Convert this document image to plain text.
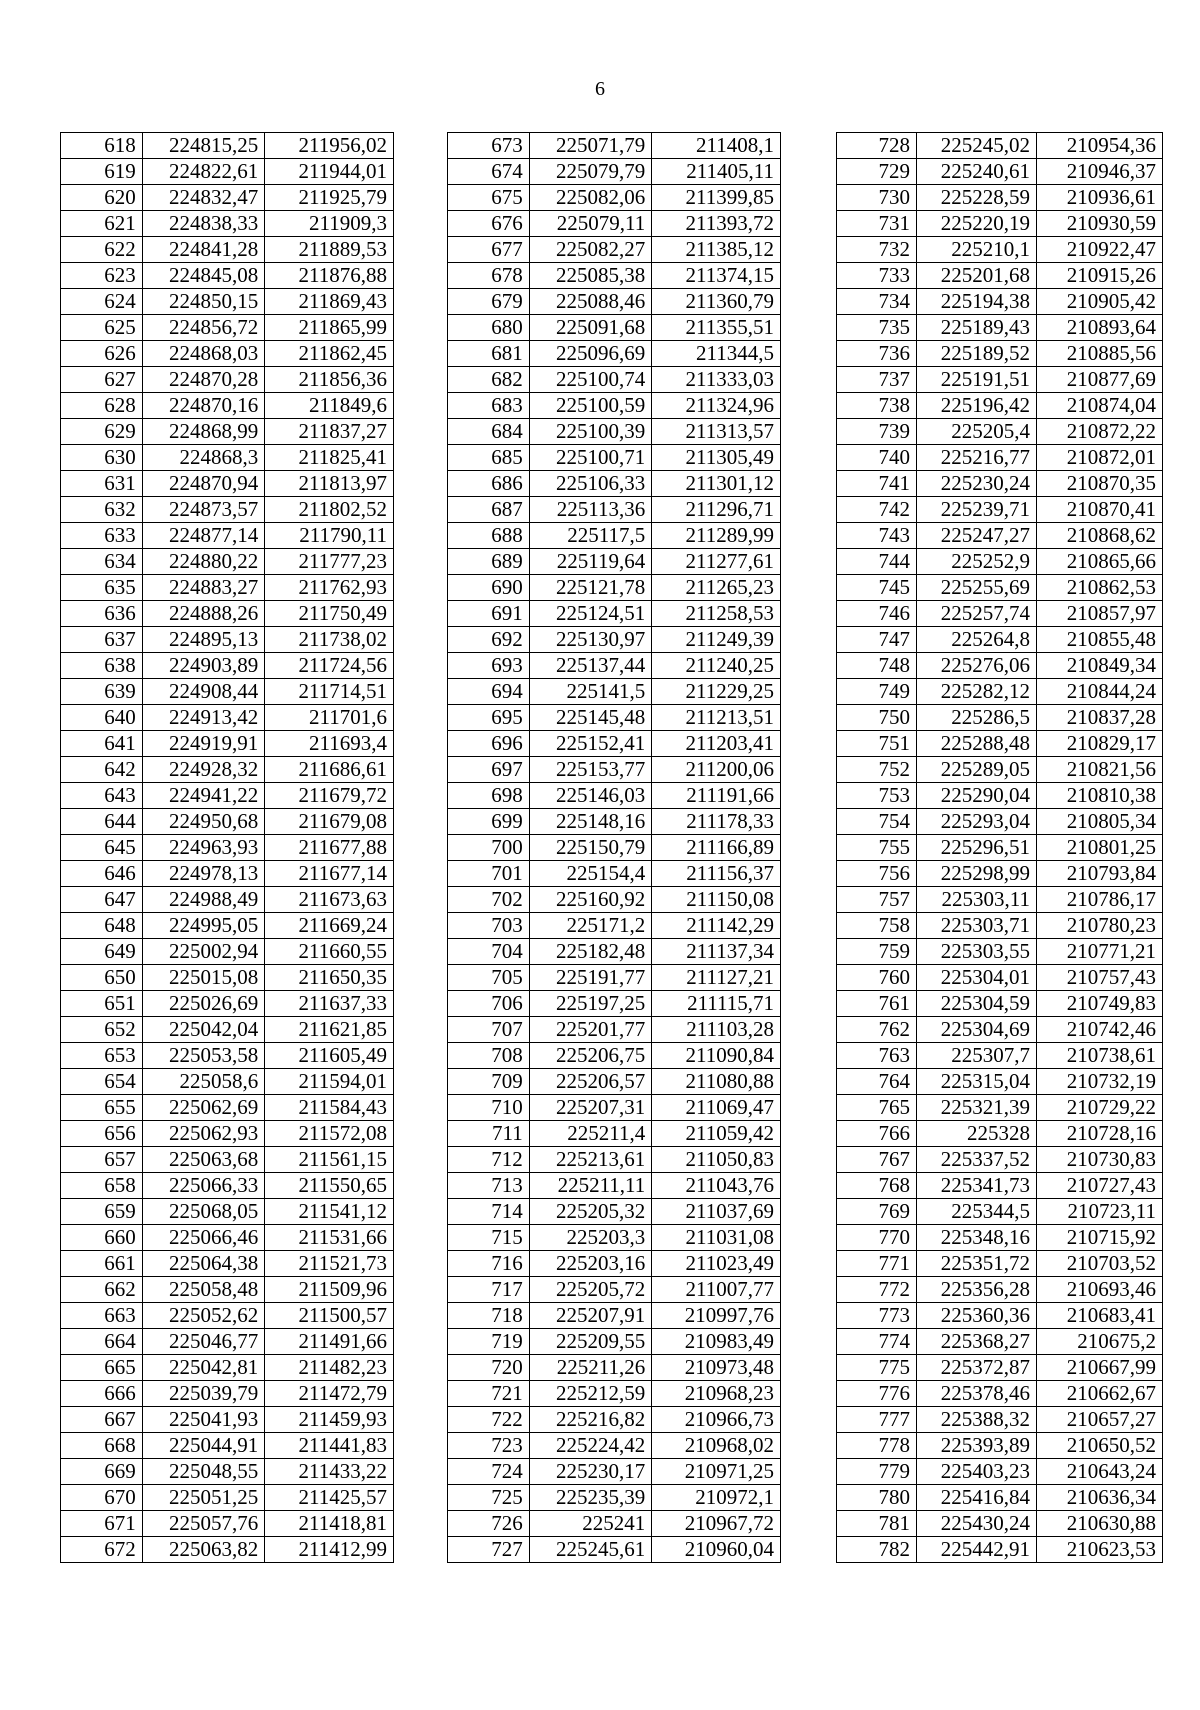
6
618	224815,25	211956,02
619	224822,61	211944,01
620	224832,47	211925,79
621	224838,33	211909,3
622	224841,28	211889,53
623	224845,08	211876,88
624	224850,15	211869,43
625	224856,72	211865,99
626	224868,03	211862,45
627	224870,28	211856,36
628	224870,16	211849,6
629	224868,99	211837,27
630	224868,3	211825,41
631	224870,94	211813,97
632	224873,57	211802,52
633	224877,14	211790,11
634	224880,22	211777,23
635	224883,27	211762,93
636	224888,26	211750,49
637	224895,13	211738,02
638	224903,89	211724,56
639	224908,44	211714,51
640	224913,42	211701,6
641	224919,91	211693,4
642	224928,32	211686,61
643	224941,22	211679,72
644	224950,68	211679,08
645	224963,93	211677,88
646	224978,13	211677,14
647	224988,49	211673,63
648	224995,05	211669,24
649	225002,94	211660,55
650	225015,08	211650,35
651	225026,69	211637,33
652	225042,04	211621,85
653	225053,58	211605,49
654	225058,6	211594,01
655	225062,69	211584,43
656	225062,93	211572,08
657	225063,68	211561,15
658	225066,33	211550,65
659	225068,05	211541,12
660	225066,46	211531,66
661	225064,38	211521,73
662	225058,48	211509,96
663	225052,62	211500,57
664	225046,77	211491,66
665	225042,81	211482,23
666	225039,79	211472,79
667	225041,93	211459,93
668	225044,91	211441,83
669	225048,55	211433,22
670	225051,25	211425,57
671	225057,76	211418,81
672	225063,82	211412,99
673	225071,79	211408,1
674	225079,79	211405,11
675	225082,06	211399,85
676	225079,11	211393,72
677	225082,27	211385,12
678	225085,38	211374,15
679	225088,46	211360,79
680	225091,68	211355,51
681	225096,69	211344,5
682	225100,74	211333,03
683	225100,59	211324,96
684	225100,39	211313,57
685	225100,71	211305,49
686	225106,33	211301,12
687	225113,36	211296,71
688	225117,5	211289,99
689	225119,64	211277,61
690	225121,78	211265,23
691	225124,51	211258,53
692	225130,97	211249,39
693	225137,44	211240,25
694	225141,5	211229,25
695	225145,48	211213,51
696	225152,41	211203,41
697	225153,77	211200,06
698	225146,03	211191,66
699	225148,16	211178,33
700	225150,79	211166,89
701	225154,4	211156,37
702	225160,92	211150,08
703	225171,2	211142,29
704	225182,48	211137,34
705	225191,77	211127,21
706	225197,25	211115,71
707	225201,77	211103,28
708	225206,75	211090,84
709	225206,57	211080,88
710	225207,31	211069,47
711	225211,4	211059,42
712	225213,61	211050,83
713	225211,11	211043,76
714	225205,32	211037,69
715	225203,3	211031,08
716	225203,16	211023,49
717	225205,72	211007,77
718	225207,91	210997,76
719	225209,55	210983,49
720	225211,26	210973,48
721	225212,59	210968,23
722	225216,82	210966,73
723	225224,42	210968,02
724	225230,17	210971,25
725	225235,39	210972,1
726	225241	210967,72
727	225245,61	210960,04
728	225245,02	210954,36
729	225240,61	210946,37
730	225228,59	210936,61
731	225220,19	210930,59
732	225210,1	210922,47
733	225201,68	210915,26
734	225194,38	210905,42
735	225189,43	210893,64
736	225189,52	210885,56
737	225191,51	210877,69
738	225196,42	210874,04
739	225205,4	210872,22
740	225216,77	210872,01
741	225230,24	210870,35
742	225239,71	210870,41
743	225247,27	210868,62
744	225252,9	210865,66
745	225255,69	210862,53
746	225257,74	210857,97
747	225264,8	210855,48
748	225276,06	210849,34
749	225282,12	210844,24
750	225286,5	210837,28
751	225288,48	210829,17
752	225289,05	210821,56
753	225290,04	210810,38
754	225293,04	210805,34
755	225296,51	210801,25
756	225298,99	210793,84
757	225303,11	210786,17
758	225303,71	210780,23
759	225303,55	210771,21
760	225304,01	210757,43
761	225304,59	210749,83
762	225304,69	210742,46
763	225307,7	210738,61
764	225315,04	210732,19
765	225321,39	210729,22
766	225328	210728,16
767	225337,52	210730,83
768	225341,73	210727,43
769	225344,5	210723,11
770	225348,16	210715,92
771	225351,72	210703,52
772	225356,28	210693,46
773	225360,36	210683,41
774	225368,27	210675,2
775	225372,87	210667,99
776	225378,46	210662,67
777	225388,32	210657,27
778	225393,89	210650,52
779	225403,23	210643,24
780	225416,84	210636,34
781	225430,24	210630,88
782	225442,91	210623,53
